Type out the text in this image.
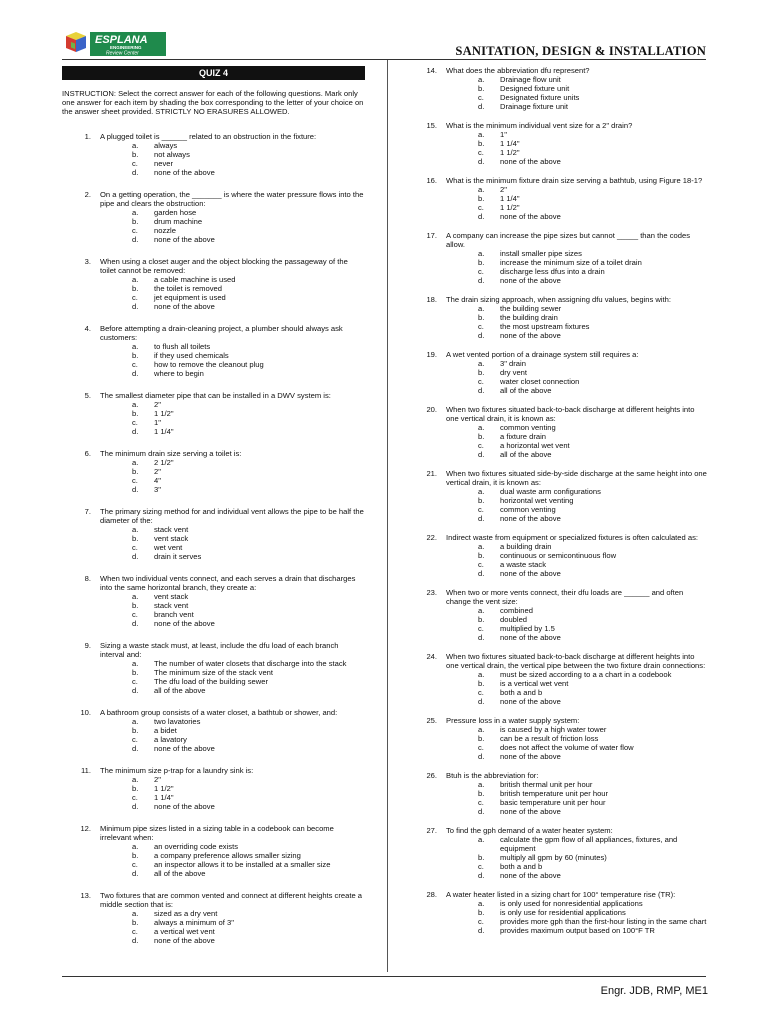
ESPLANA
ENGINEERING
Review Center	SANITATION, DESIGN & INSTALLATION
QUIZ 4
INSTRUCTION: Select the correct answer for each of the following questions. Mark only one answer for each item by shading the box corresponding to the letter of your choice on the answer sheet provided. STRICTLY NO ERASURES ALLOWED.
1.	A plugged toilet is ______ related to an obstruction in the fixture:
a.	always
b.	not always
c.	never
d.	none of the above
2.	On a getting operation, the _______ is where the water pressure flows into the pipe and clears the obstruction:
a.	garden hose
b.	drum machine
c.	nozzle
d.	none of the above
3.	When using a closet auger and the object blocking the passageway of the toilet cannot be removed:
a.	a cable machine is used
b.	the toilet is removed
c.	jet equipment is used
d.	none of the above
4.	Before attempting a drain-cleaning project, a plumber should always ask customers:
a.	to flush all toilets
b.	if they used chemicals
c.	how to remove the cleanout plug
d.	where to begin
5.	The smallest diameter pipe that can be installed in a DWV system is:
a.	2"
b.	1 1/2"
c.	1"
d.	1 1/4"
6.	The minimum drain size serving a toilet is:
a.	2 1/2"
b.	2"
c.	4"
d.	3"
7.	The primary sizing method for and individual vent allows the pipe to be half the diameter of the:
a.	stack vent
b.	vent stack
c.	wet vent
d.	drain it serves
8.	When two individual vents connect, and each serves a drain that discharges into the same horizontal branch, they create a:
a.	vent stack
b.	stack vent
c.	branch vent
d.	none of the above
9.	Sizing a waste stack must, at least, include the dfu load of each branch interval and:
a.	The number of water closets that discharge into the stack
b.	The minimum size of the stack vent
c.	The dfu load of the building sewer
d.	all of the above
10.	A bathroom group consists of a water closet, a bathtub or shower, and:
a.	two lavatories
b.	a bidet
c.	a lavatory
d.	none of the above
11.	The minimum size p-trap for a laundry sink is:
a.	2"
b.	1 1/2"
c.	1 1/4"
d.	none of the above
12.	Minimum pipe sizes listed in a sizing table in a codebook can become irrelevant when:
a.	an overriding code exists
b.	a company preference allows smaller sizing
c.	an inspector allows it to be installed at a smaller size
d.	all of the above
13.	Two fixtures that are common vented and connect at different heights create a middle section that is:
a.	sized as a dry vent
b.	always a minimum of 3"
c.	a vertical wet vent
d.	none of the above
14.	What does the abbreviation dfu represent?
a.	Drainage flow unit
b.	Designed fixture unit
c.	Designated fixture units
d.	Drainage fixture unit
15.	What is the minimum individual vent size for a 2" drain?
a.	1"
b.	1 1/4"
c.	1 1/2"
d.	none of the above
16.	What is the minimum fixture drain size serving a bathtub, using Figure 18-1?
a.	2"
b.	1 1/4"
c.	1 1/2"
d.	none of the above
17.	A company can increase the pipe sizes but cannot _____ than the codes allow.
a.	install smaller pipe sizes
b.	increase the minimum size of a toilet drain
c.	discharge less dfus into a drain
d.	none of the above
18.	The drain sizing approach, when assigning dfu values, begins with:
a.	the building sewer
b.	the building drain
c.	the most upstream fixtures
d.	none of the above
19.	A wet vented portion of a drainage system still requires a:
a.	3" drain
b.	dry vent
c.	water closet connection
d.	all of the above
20.	When two fixtures situated back-to-back discharge at different heights into one vertical drain, it is known as:
a.	common venting
b.	a fixture drain
c.	a horizontal wet vent
d.	all of the above
21.	When two fixtures situated side-by-side discharge at the same height into one vertical drain, it is known as:
a.	dual waste arm configurations
b.	horizontal wet venting
c.	common venting
d.	none of the above
22.	Indirect waste from equipment or specialized fixtures is often calculated as:
a.	a building drain
b.	continuous or semicontinuous flow
c.	a waste stack
d.	none of the above
23.	When two or more vents connect, their dfu loads are ______ and often change the vent size:
a.	combined
b.	doubled
c.	multiplied by 1.5
d.	none of the above
24.	When two fixtures situated back-to-back discharge at different heights into one vertical drain, the vertical pipe between the two fixture drain connections:
a.	must be sized according to a a chart in a codebook
b.	is a vertical wet vent
c.	both a and b
d.	none of the above
25.	Pressure loss in a water supply system:
a.	is caused by a high water tower
b.	can be a result of friction loss
c.	does not affect the volume of water flow
d.	none of the above
26.	Btuh is the abbreviation for:
a.	british thermal unit per hour
b.	british temperature unit per hour
c.	basic temperature unit per hour
d.	none of the above
27.	To find the gph demand of a water heater system:
a.	calculate the gpm flow of all appliances, fixtures, and equipment
b.	multiply all gpm by 60 (minutes)
c.	both a and b
d.	none of the above
28.	A water heater listed in a sizing chart for 100° temperature rise (TR):
a.	is only used for nonresidential applications
b.	is only use for residential applications
c.	provides more gph than the first-hour listing in the same chart
d.	provides maximum output based on 100°F TR
Engr. JDB, RMP, ME1
